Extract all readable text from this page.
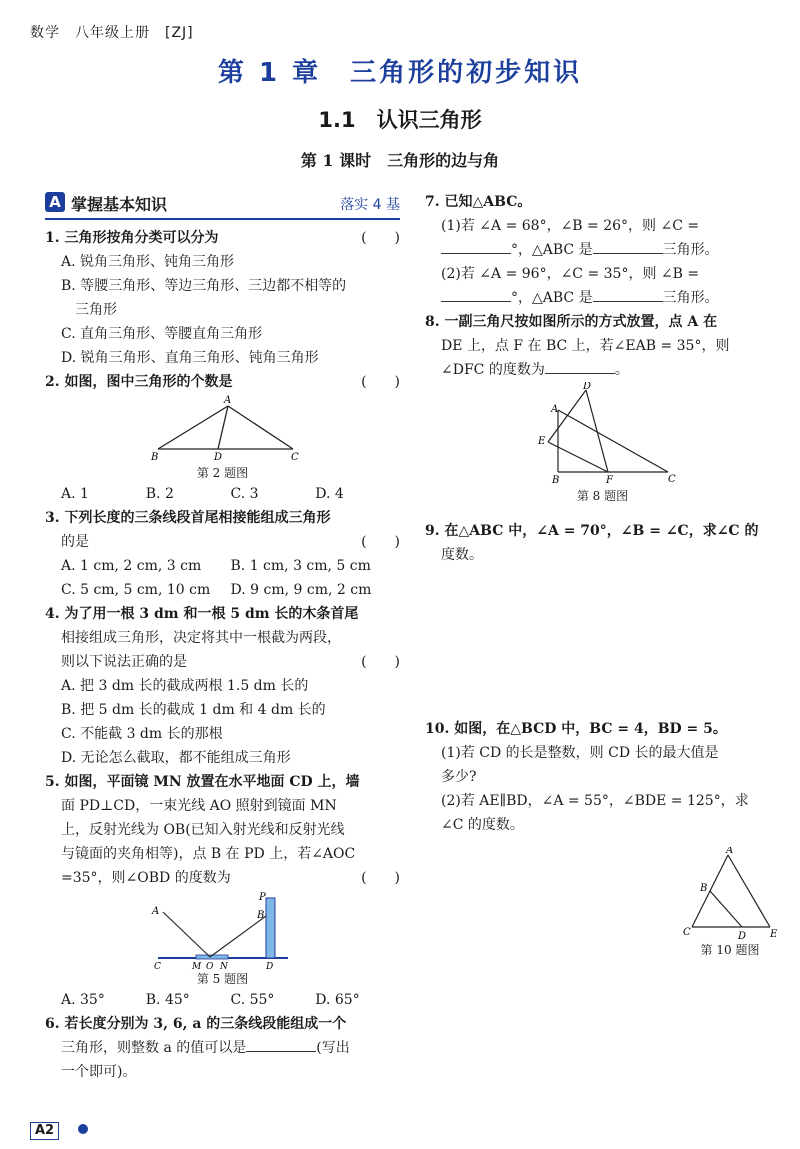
数学　八年级上册　[ZJ]
第 1 章　三角形的初步知识
1.1　认识三角形
第 1 课时　三角形的边与角
A 掌握基本知识	落实 4 基

1. 三角形按角分类可以分为	(　　)

A. 锐角三角形、钝角三角形

B. 等腰三角形、等边三角形、三边都不相等的

三角形

C. 直角三角形、等腰直角三角形

D. 锐角三角形、直角三角形、钝角三角形

2. 如图，图中三角形的个数是	(　　)

A
B	D	C
第 2 题图
A. 1	B. 2	C. 3	D. 4

3. 下列长度的三条线段首尾相接能组成三角形

的是	(　　)

A. 1 cm, 2 cm, 3 cm	B. 1 cm, 3 cm, 5 cm
C. 5 cm, 5 cm, 10 cm	D. 9 cm, 9 cm, 2 cm

4. 为了用一根 3 dm 和一根 5 dm 长的木条首尾

相接组成三角形，决定将其中一根截为两段，

则以下说法正确的是	(　　)

A. 把 3 dm 长的截成两根 1.5 dm 长的

B. 把 5 dm 长的截成 1 dm 和 4 dm 长的

C. 不能截 3 dm 长的那根

D. 无论怎么截取，都不能组成三角形

5. 如图，平面镜 MN 放置在水平地面 CD 上，墙

面 PD⊥CD，一束光线 AO 照射到镜面 MN

上，反射光线为 OB(已知入射光线和反射光线

与镜面的夹角相等)，点 B 在 PD 上，若∠AOC

=35°，则∠OBD 的度数为	(　　)

A	B
P
C	M O N	D
第 5 题图
A. 35°	B. 45°	C. 55°	D. 65°

6. 若长度分别为 3, 6, a 的三条线段能组成一个

三角形，则整数 a 的值可以是	(写出

一个即可)。

7. 已知△ABC。

(1)若 ∠A = 68°，∠B = 26°，则 ∠C =

°，△ABC 是	三角形。

(2)若 ∠A = 96°，∠C = 35°，则 ∠B =

°，△ABC 是	三角形。

8. 一副三角尺按如图所示的方式放置，点 A 在

DE 上，点 F 在 BC 上，若∠EAB = 35°，则

∠DFC 的度数为	。

D
A
E
B	F	C
第 8 题图

9. 在△ABC 中，∠A = 70°，∠B = ∠C，求∠C 的

度数。

10. 如图，在△BCD 中，BC = 4，BD = 5。

(1)若 CD 的长是整数，则 CD 长的最大值是

多少?

(2)若 AE∥BD，∠A = 55°，∠BDE = 125°，求

∠C 的度数。

A
B
C	D E
第 10 题图
A2
